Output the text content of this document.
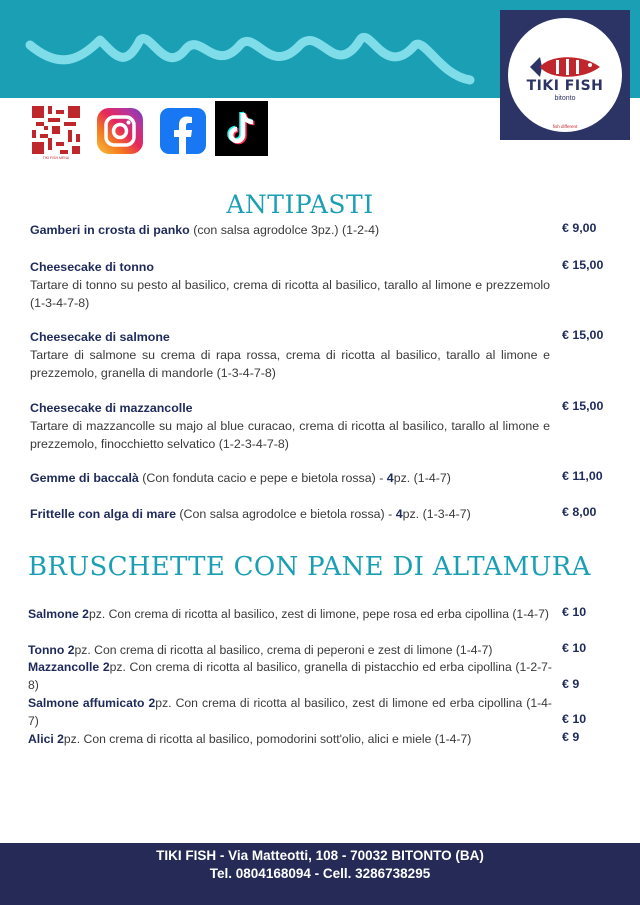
TIKI FISH
bitonto
fish different
TIKI FISH MENU
ANTIPASTI
Gamberi in crosta di panko (con salsa agrodolce 3pz.) (1-2-4)	€ 9,00
Cheesecake di tonno
Tartare di tonno su pesto al basilico, crema di ricotta al basilico, tarallo al limone e prezzemolo (1-3-4-7-8)
€ 15,00
Cheesecake di salmone
Tartare di salmone su crema di rapa rossa, crema di ricotta al basilico, tarallo al limone e prezzemolo, granella di mandorle (1-3-4-7-8)
€ 15,00
Cheesecake di mazzancolle
Tartare di mazzancolle su majo al blue curacao, crema di ricotta al basilico, tarallo al limone e prezzemolo, finocchietto selvatico (1-2-3-4-7-8)
€ 15,00
Gemme di baccalà (Con fonduta cacio e pepe e bietola rossa) - 4pz. (1-4-7)	€ 11,00
Frittelle con alga di mare (Con salsa agrodolce e bietola rossa) - 4pz. (1-3-4-7)	€ 8,00
BRUSCHETTE CON PANE DI ALTAMURA
Salmone 2pz. Con crema di ricotta al basilico, zest di limone, pepe rosa ed erba cipollina (1-4-7) € 10
Tonno 2pz. Con crema di ricotta al basilico, crema di peperoni e zest di limone (1-4-7)	€ 10
Mazzancolle 2pz. Con crema di ricotta al basilico, granella di pistacchio ed erba cipollina (1-2-7-8)	€ 9
Salmone affumicato 2pz. Con crema di ricotta al basilico, zest di limone ed erba cipollina (1-4-7)	€ 10
Alici 2pz. Con crema di ricotta al basilico, pomodorini sott'olio, alici e miele (1-4-7)	€ 9
TIKI FISH - Via Matteotti, 108 - 70032 BITONTO (BA)
Tel. 0804168094 - Cell. 3286738295
